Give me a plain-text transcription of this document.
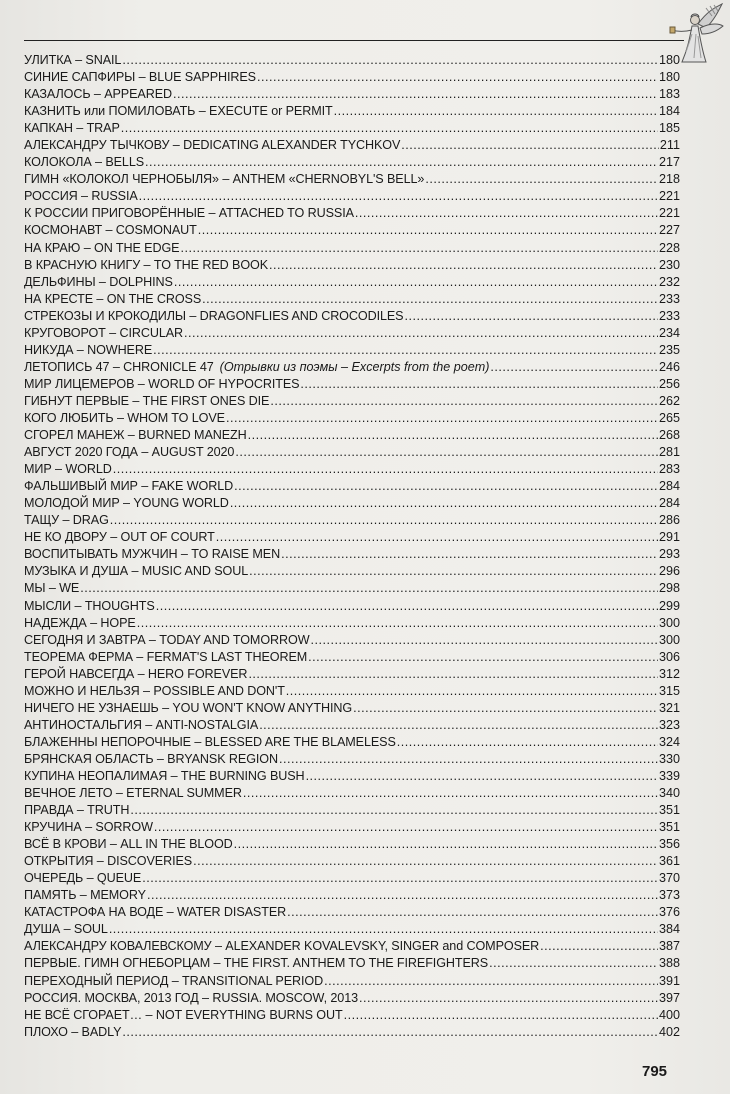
УЛИТКА – SNAIL .....	180
СИНИЕ САПФИРЫ – BLUE SAPPHIRES .....	180
КАЗАЛОСЬ – APPEARED .....	183
КАЗНИТЬ или ПОМИЛОВАТЬ – EXECUTE or PERMIT .....	184
КАПКАН – TRAP .....	185
АЛЕКСАНДРУ ТЫЧКОВУ – DEDICATING ALEXANDER TYCHKOV .....	211
КОЛОКОЛА – BELLS .....	217
ГИМН «КОЛОКОЛ ЧЕРНОБЫЛЯ» – ANTHEM «CHERNOBYL'S BELL» .....	218
РОССИЯ – RUSSIA .....	221
К РОССИИ ПРИГОВОРЁННЫЕ – ATTACHED TO RUSSIA .....	221
КОСМОНАВТ – COSMONAUT .....	227
НА КРАЮ – ON THE EDGE .....	228
В КРАСНУЮ КНИГУ – TO THE RED BOOK .....	230
ДЕЛЬФИНЫ – DOLPHINS .....	232
НА КРЕСТЕ – ON THE CROSS .....	233
СТРЕКОЗЫ И КРОКОДИЛЫ – DRAGONFLIES AND CROCODILES .....	233
КРУГОВОРОТ – CIRCULAR .....	234
НИКУДА – NOWHERE .....	235
ЛЕТОПИСЬ 47 – CHRONICLE 47 (Отрывки из поэмы – Excerpts from the poem) .....	246
МИР ЛИЦЕМЕРОВ – WORLD OF HYPOCRITES .....	256
ГИБНУТ ПЕРВЫЕ – THE FIRST ONES DIE .....	262
КОГО ЛЮБИТЬ – WHOM TO LOVE .....	265
СГОРЕЛ МАНЕЖ – BURNED MANEZH .....	268
АВГУСТ 2020 ГОДА – AUGUST 2020 .....	281
МИР – WORLD .....	283
ФАЛЬШИВЫЙ МИР – FAKE WORLD .....	284
МОЛОДОЙ МИР – YOUNG WORLD .....	284
ТАЩУ – DRAG .....	286
НЕ КО ДВОРУ – OUT OF COURT .....	291
ВОСПИТЫВАТЬ МУЖЧИН – TO RAISE MEN .....	293
МУЗЫКА И ДУША – MUSIC AND SOUL .....	296
МЫ – WE .....	298
МЫСЛИ – THOUGHTS .....	299
НАДЕЖДА – HOPE .....	300
СЕГОДНЯ И ЗАВТРА – TODAY AND TOMORROW .....	300
ТЕОРЕМА ФЕРМА – FERMAT'S LAST THEOREM .....	306
ГЕРОЙ НАВСЕГДА – HERO FOREVER .....	312
МОЖНО И НЕЛЬЗЯ – POSSIBLE AND DON'T .....	315
НИЧЕГО НЕ УЗНАЕШЬ – YOU WON'T KNOW ANYTHING .....	321
АНТИНОСТАЛЬГИЯ – ANTI-NOSTALGIA .....	323
БЛАЖЕННЫ НЕПОРОЧНЫЕ – BLESSED ARE THE BLAMELESS .....	324
БРЯНСКАЯ ОБЛАСТЬ – BRYANSK REGION .....	330
КУПИНА НЕОПАЛИМАЯ – THE BURNING BUSH .....	339
ВЕЧНОЕ ЛЕТО – ETERNAL SUMMER .....	340
ПРАВДА – TRUTH .....	351
КРУЧИНА – SORROW .....	351
ВСЁ В КРОВИ – ALL IN THE BLOOD .....	356
ОТКРЫТИЯ – DISCOVERIES .....	361
ОЧЕРЕДЬ – QUEUE .....	370
ПАМЯТЬ – MEMORY .....	373
КАТАСТРОФА НА ВОДЕ – WATER DISASTER .....	376
ДУША – SOUL .....	384
АЛЕКСАНДРУ КОВАЛЕВСКОМУ – ALEXANDER KOVALEVSKY, SINGER and COMPOSER .....	387
ПЕРВЫЕ. ГИМН ОГНЕБОРЦАМ – THE FIRST. ANTHEM TO THE FIREFIGHTERS .....	388
ПЕРЕХОДНЫЙ ПЕРИОД – TRANSITIONAL PERIOD .....	391
РОССИЯ. МОСКВА, 2013 ГОД – RUSSIA. MOSCOW, 2013 .....	397
НЕ ВСЁ СГОРАЕТ… – NOT EVERYTHING BURNS OUT .....	400
ПЛОХО – BADLY .....	402
795
